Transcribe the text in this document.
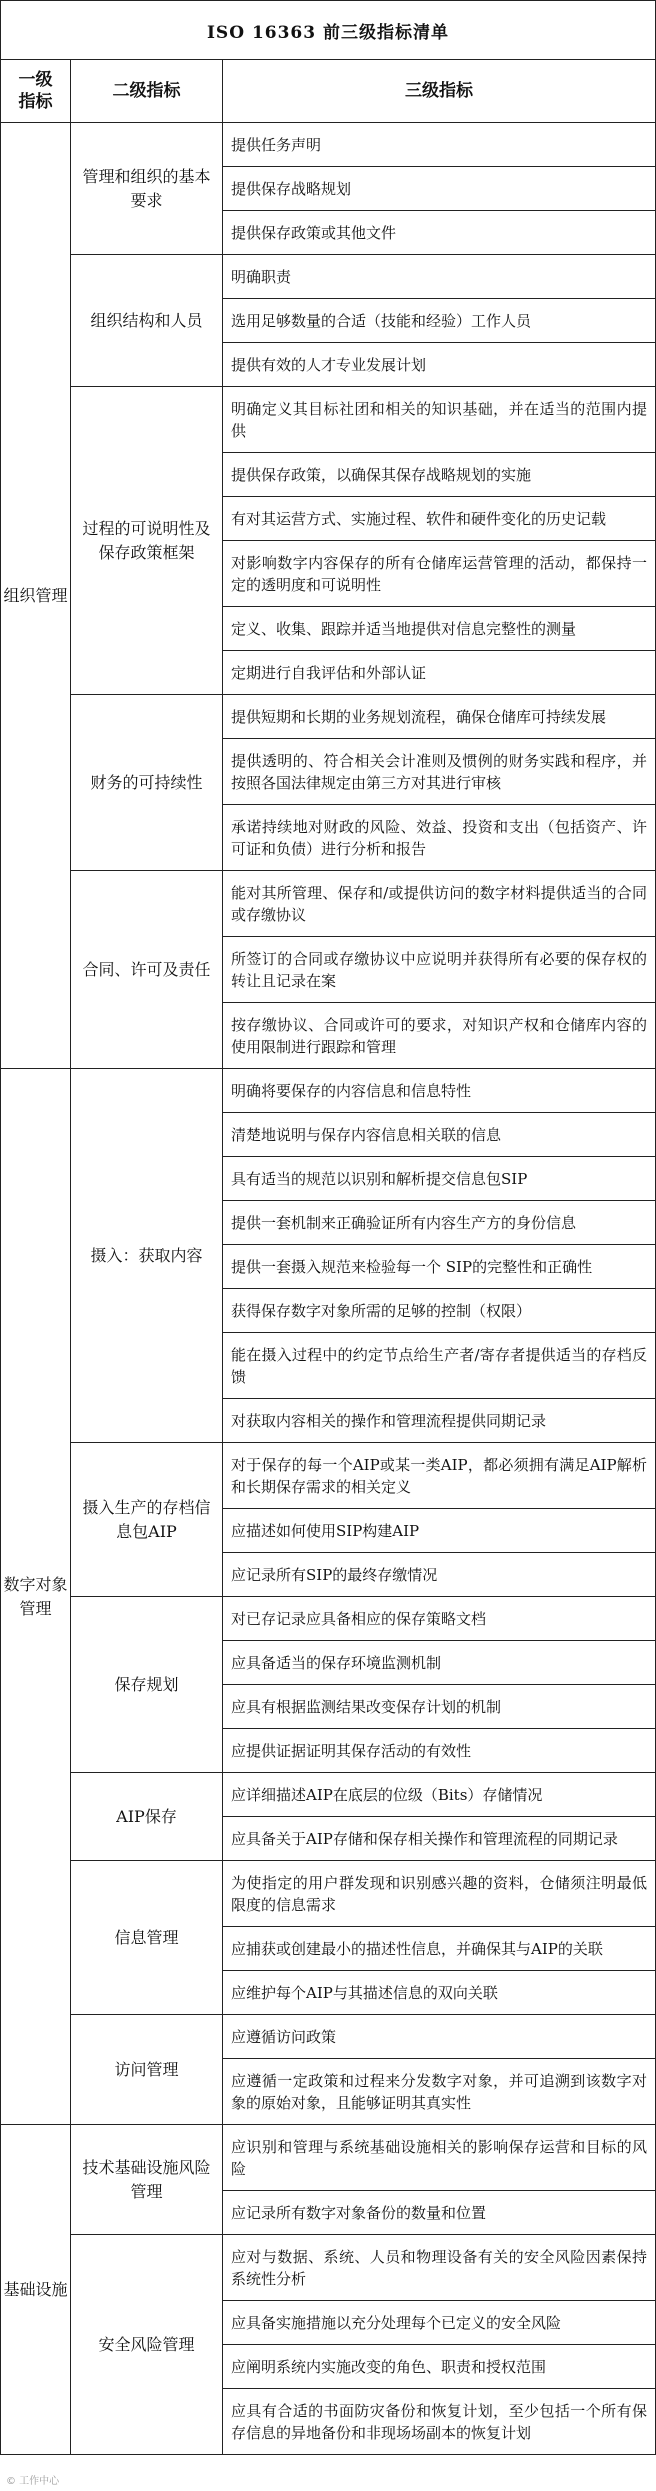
ISO 16363 前三级指标清单		
一级指标	二级指标	三级指标
组织管理	管理和组织的基本要求	提供任务声明
		提供保存战略规划
		提供保存政策或其他文件
	组织结构和人员	明确职责
		选用足够数量的合适（技能和经验）工作人员
		提供有效的人才专业发展计划
	过程的可说明性及保存政策框架	明确定义其目标社团和相关的知识基础，并在适当的范围内提供
		提供保存政策，以确保其保存战略规划的实施
		有对其运营方式、实施过程、软件和硬件变化的历史记载
		对影响数字内容保存的所有仓储库运营管理的活动，都保持一定的透明度和可说明性
		定义、收集、跟踪并适当地提供对信息完整性的测量
		定期进行自我评估和外部认证
	财务的可持续性	提供短期和长期的业务规划流程，确保仓储库可持续发展
		提供透明的、符合相关会计准则及惯例的财务实践和程序，并按照各国法律规定由第三方对其进行审核
		承诺持续地对财政的风险、效益、投资和支出（包括资产、许可证和负债）进行分析和报告
	合同、许可及责任	能对其所管理、保存和/或提供访问的数字材料提供适当的合同或存缴协议
		所签订的合同或存缴协议中应说明并获得所有必要的保存权的转让且记录在案
		按存缴协议、合同或许可的要求，对知识产权和仓储库内容的使用限制进行跟踪和管理
数字对象管理	摄入：获取内容	明确将要保存的内容信息和信息特性
		清楚地说明与保存内容信息相关联的信息
		具有适当的规范以识别和解析提交信息包SIP
		提供一套机制来正确验证所有内容生产方的身份信息
		提供一套摄入规范来检验每一个 SIP的完整性和正确性
		获得保存数字对象所需的足够的控制（权限）
		能在摄入过程中的约定节点给生产者/寄存者提供适当的存档反馈
		对获取内容相关的操作和管理流程提供同期记录
	摄入生产的存档信息包AIP	对于保存的每一个AIP或某一类AIP，都必须拥有满足AIP解析和长期保存需求的相关定义
		应描述如何使用SIP构建AIP
		应记录所有SIP的最终存缴情况
	保存规划	对已存记录应具备相应的保存策略文档
		应具备适当的保存环境监测机制
		应具有根据监测结果改变保存计划的机制
		应提供证据证明其保存活动的有效性
	AIP保存	应详细描述AIP在底层的位级（Bits）存储情况
		应具备关于AIP存储和保存相关操作和管理流程的同期记录
	信息管理	为使指定的用户群发现和识别感兴趣的资料，仓储须注明最低限度的信息需求
		应捕获或创建最小的描述性信息，并确保其与AIP的关联
		应维护每个AIP与其描述信息的双向关联
	访问管理	应遵循访问政策
		应遵循一定政策和过程来分发数字对象，并可追溯到该数字对象的原始对象，且能够证明其真实性
基础设施	技术基础设施风险管理	应识别和管理与系统基础设施相关的影响保存运营和目标的风险
		应记录所有数字对象备份的数量和位置
	安全风险管理	应对与数据、系统、人员和物理设备有关的安全风险因素保持系统性分析
		应具备实施措施以充分处理每个已定义的安全风险
		应阐明系统内实施改变的角色、职责和授权范围
		应具有合适的书面防灾备份和恢复计划，至少包括一个所有保存信息的异地备份和非现场场副本的恢复计划
© 工作中心
